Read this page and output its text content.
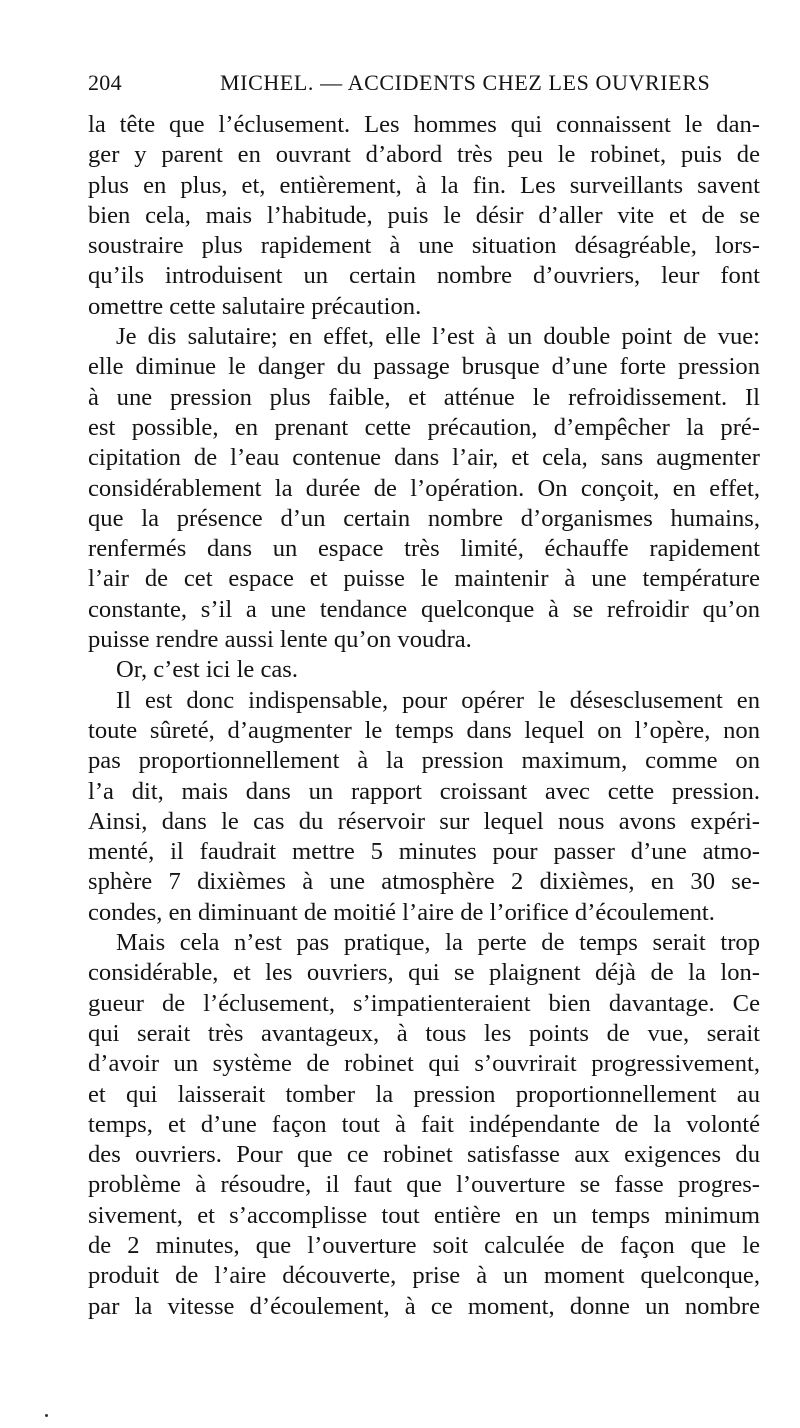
204	MICHEL. — ACCIDENTS CHEZ LES OUVRIERS
la tête que l’éclusement. Les hommes qui connaissent le dan-
ger y parent en ouvrant d’abord très peu le robinet, puis de
plus en plus, et, entièrement, à la fin. Les surveillants savent
bien cela, mais l’habitude, puis le désir d’aller vite et de se
soustraire plus rapidement à une situation désagréable, lors-
qu’ils introduisent un certain nombre d’ouvriers, leur font
omettre cette salutaire précaution.
Je dis salutaire; en effet, elle l’est à un double point de vue:
elle diminue le danger du passage brusque d’une forte pression
à une pression plus faible, et atténue le refroidissement. Il
est possible, en prenant cette précaution, d’empêcher la pré-
cipitation de l’eau contenue dans l’air, et cela, sans augmenter
considérablement la durée de l’opération. On conçoit, en effet,
que la présence d’un certain nombre d’organismes humains,
renfermés dans un espace très limité, échauffe rapidement
l’air de cet espace et puisse le maintenir à une température
constante, s’il a une tendance quelconque à se refroidir qu’on
puisse rendre aussi lente qu’on voudra.
Or, c’est ici le cas.
Il est donc indispensable, pour opérer le désesclusement en
toute sûreté, d’augmenter le temps dans lequel on l’opère, non
pas proportionnellement à la pression maximum, comme on
l’a dit, mais dans un rapport croissant avec cette pression.
Ainsi, dans le cas du réservoir sur lequel nous avons expéri-
menté, il faudrait mettre 5 minutes pour passer d’une atmo-
sphère 7 dixièmes à une atmosphère 2 dixièmes, en 30 se-
condes, en diminuant de moitié l’aire de l’orifice d’écoulement.
Mais cela n’est pas pratique, la perte de temps serait trop
considérable, et les ouvriers, qui se plaignent déjà de la lon-
gueur de l’éclusement, s’impatienteraient bien davantage. Ce
qui serait très avantageux, à tous les points de vue, serait
d’avoir un système de robinet qui s’ouvrirait progressivement,
et qui laisserait tomber la pression proportionnellement au
temps, et d’une façon tout à fait indépendante de la volonté
des ouvriers. Pour que ce robinet satisfasse aux exigences du
problème à résoudre, il faut que l’ouverture se fasse progres-
sivement, et s’accomplisse tout entière en un temps minimum
de 2 minutes, que l’ouverture soit calculée de façon que le
produit de l’aire découverte, prise à un moment quelconque,
par la vitesse d’écoulement, à ce moment, donne un nombre
